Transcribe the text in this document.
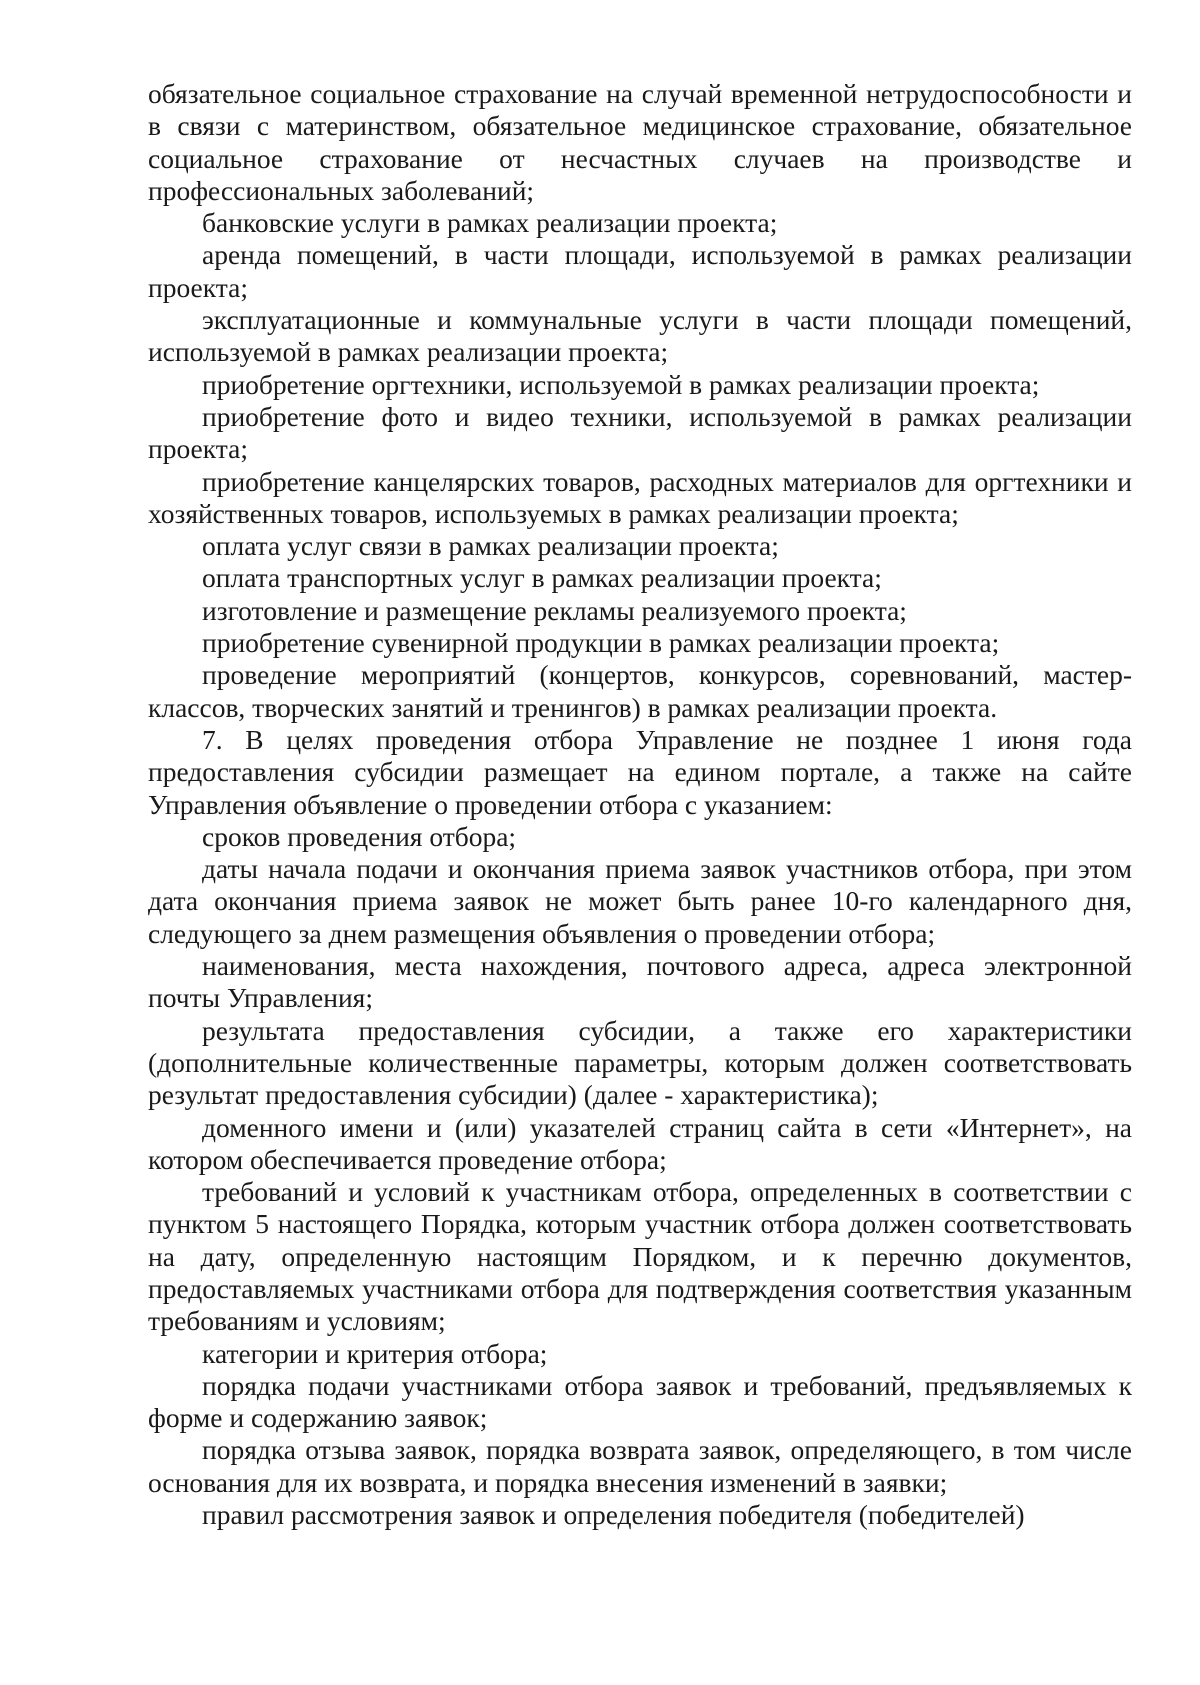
обязательное социальное страхование на случай временной нетрудоспособности и в связи с материнством, обязательное медицинское страхование, обязательное социальное страхование от несчастных случаев на производстве и профессиональных заболеваний;

банковские услуги в рамках реализации проекта;

аренда помещений, в части площади, используемой в рамках реализации проекта;

эксплуатационные и коммунальные услуги в части площади помещений, используемой в рамках реализации проекта;

приобретение оргтехники, используемой в рамках реализации проекта;

приобретение фото и видео техники, используемой в рамках реализации проекта;

приобретение канцелярских товаров, расходных материалов для оргтехники и хозяйственных товаров, используемых в рамках реализации проекта;

оплата услуг связи в рамках реализации проекта;

оплата транспортных услуг в рамках реализации проекта;

изготовление и размещение рекламы реализуемого проекта;

приобретение сувенирной продукции в рамках реализации проекта;

проведение мероприятий (концертов, конкурсов, соревнований, мастер-классов, творческих занятий и тренингов) в рамках реализации проекта.

7. В целях проведения отбора Управление не позднее 1 июня года предоставления субсидии размещает на едином портале, а также на сайте Управления объявление о проведении отбора с указанием:

сроков проведения отбора;

даты начала подачи и окончания приема заявок участников отбора, при этом дата окончания приема заявок не может быть ранее 10-го календарного дня, следующего за днем размещения объявления о проведении отбора;

наименования, места нахождения, почтового адреса, адреса электронной почты Управления;

результата предоставления субсидии, а также его характеристики (дополнительные количественные параметры, которым должен соответствовать результат предоставления субсидии) (далее - характеристика);

доменного имени и (или) указателей страниц сайта в сети «Интернет», на котором обеспечивается проведение отбора;

требований и условий к участникам отбора, определенных в соответствии с пунктом 5 настоящего Порядка, которым участник отбора должен соответствовать на дату, определенную настоящим Порядком, и к перечню документов, предоставляемых участниками отбора для подтверждения соответствия указанным требованиям и условиям;

категории и критерия отбора;

порядка подачи участниками отбора заявок и требований, предъявляемых к форме и содержанию заявок;

порядка отзыва заявок, порядка возврата заявок, определяющего, в том числе основания для их возврата, и порядка внесения изменений в заявки;

правил рассмотрения заявок и определения победителя (победителей)
